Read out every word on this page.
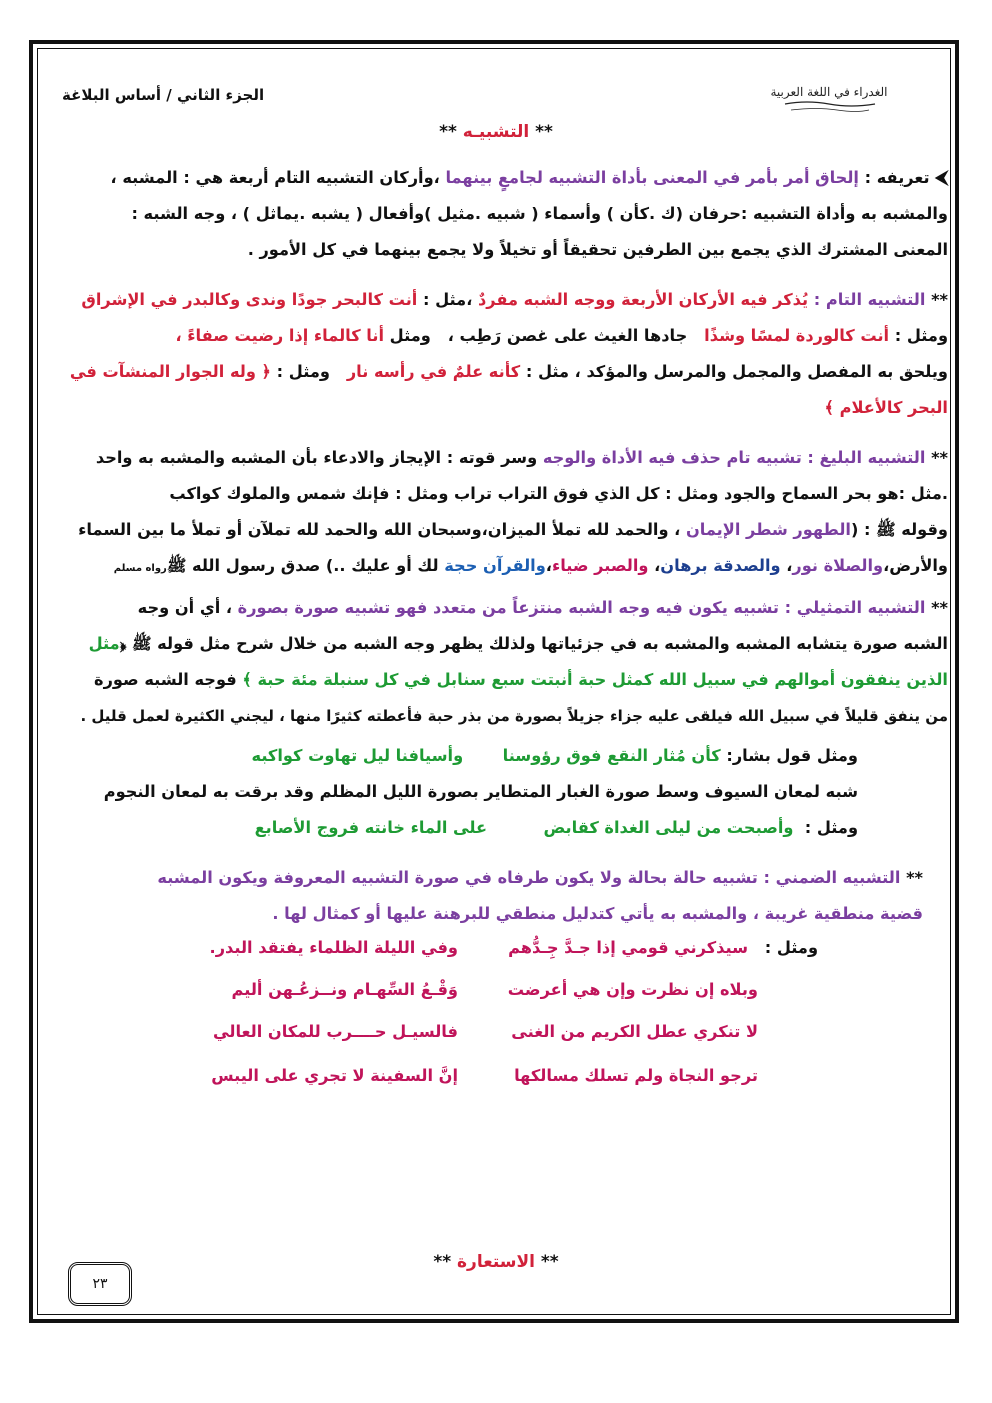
الغدراء في اللغة العربية
الجزء الثاني / أساس البلاغة
** التشبيـه **
⮜ تعريفه : إلحاق أمر بأمر في المعنى بأداة التشبيه لجامعٍ بينهما ،وأركان التشبيه التام أربعة هي : المشبه ،
والمشبه به وأداة التشبيه :حرفان (ك .كأن ) وأسماء ( شبيه .مثيل )وأفعال ( يشبه .يماثل ) ، وجه الشبه :
المعنى المشترك الذي يجمع بين الطرفين تحقيقاً أو تخيلاً ولا يجمع بينهما في كل الأمور .
** التشبيه التام : يُذكر فيه الأركان الأربعة ووجه الشبه مفردٌ ،مثل : أنت كالبحر جودًا وندى وكالبدر في الإشراق
ومثل : أنت كالوردة لمسًا وشذًا   جادها الغيث على غصن رَطِب ،   ومثل أنا كالماء إذا رضيت صفاءً ،
ويلحق به المفصل والمجمل والمرسل والمؤكد ، مثل : كأنه علمٌ في رأسه نار   ومثل : ﴿ وله الجوار المنشآت في
البحر كالأعلام ﴾
** التشبيه البليغ : تشبيه تام حذف فيه الأداة والوجه وسر قوته : الإيجاز والادعاء بأن المشبه والمشبه به واحد
.مثل :هو بحر السماح والجود ومثل : كل الذي فوق التراب تراب ومثل : فإنك شمس والملوك كواكب
وقوله ﷺ : (الطهور شطر الإيمان ، والحمد لله تملأ الميزان،وسبحان الله والحمد لله تملآن أو تملأ ما بين السماء
والأرض،والصلاة نور، والصدقة برهان، والصبر ضياء،والقرآن حجة لك أو عليك ..) صدق رسول الله ﷺرواه مسلم
** التشبيه التمثيلي : تشبيه يكون فيه وجه الشبه منتزعاً من متعدد فهو تشبيه صورة بصورة ، أي أن وجه
الشبه صورة يتشابه المشبه والمشبه به في جزئياتها ولذلك يظهر وجه الشبه من خلال شرح مثل قوله ﷺ ﴿مثل
الذين ينفقون أموالهم في سبيل الله كمثل حبة أنبتت سبع سنابل في كل سنبلة مئة حبة ﴾ فوجه الشبه صورة
من ينفق قليلاً في سبيل الله فيلقى عليه جزاء جزيلاً بصورة من بذر حبة فأعطته كثيرًا منها ، ليجني الكثيرة لعمل قليل .
ومثل قول بشار: كأن مُثار النقع فوق رؤوسنا       وأسيافنا ليل تهاوت كواكبه
شبه لمعان السيوف وسط صورة الغبار المتطاير بصورة الليل المظلم وقد برقت به لمعان النجوم
ومثل :  وأصبحت من ليلى الغداة كقابض          على الماء خانته فروج الأصابع
** التشبيه الضمني : تشبيه حالة بحالة ولا يكون طرفاه في صورة التشبيه المعروفة ويكون المشبه
قضية منطقية غريبة ، والمشبه به يأتي كتدليل منطقي للبرهنة عليها أو كمثال لها .
ومثل :
سيذكرني قومي إذا جـدَّ جِـدُّهم
وفي الليلة الظلماء يفتقد البدر.
وبلاه إن نظرت وإن هي أعرضت
وَقْـعُ السِّهـام ونــزعُـهن أليم
لا تنكري عطل الكريم من الغنى
فالسيـل حــــرب للمكان العالي
ترجو النجاة ولم تسلك مسالكها
إنَّ السفينة لا تجري على اليبس
** الاستعارة **
٢٣
